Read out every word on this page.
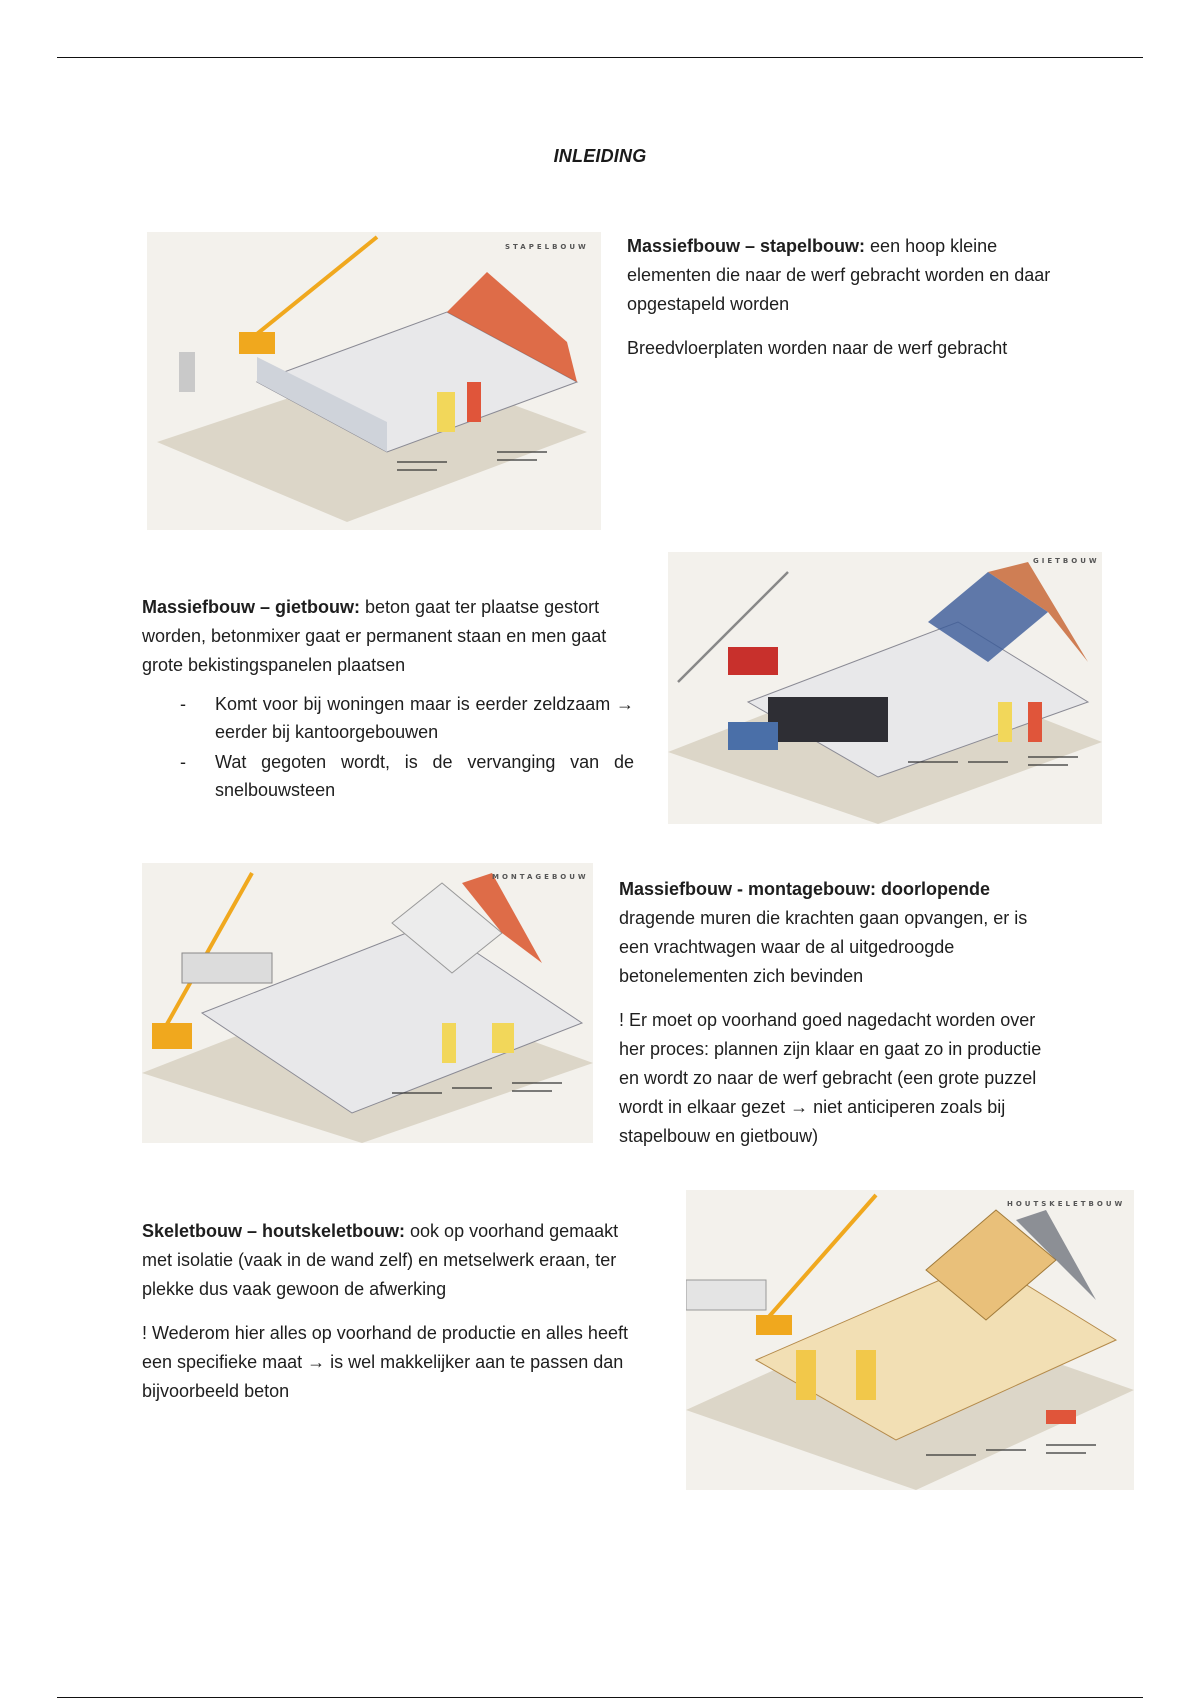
INLEIDING
STAPELBOUW Massiefbouw – stapelbouw: een hoop kleine elementen die naar de werf gebracht worden en daar opgestapeld worden

Breedvloerplaten worden naar de werf gebracht

Massiefbouw – gietbouw: beton gaat ter plaatse gestort worden, betonmixer gaat er permanent staan en men gaat grote bekistingspanelen plaatsen

- Komt voor bij woningen maar is eerder zeldzaam → eerder bij kantoorgebouwen
- Wat gegoten wordt, is de vervanging van de snelbouwsteen
GIETBOUW
MONTAGEBOUW

Massiefbouw - montagebouw: doorlopende dragende muren die krachten gaan opvangen, er is een vrachtwagen waar de al uitgedroogde betonelementen zich bevinden

! Er moet op voorhand goed nagedacht worden over her proces: plannen zijn klaar en gaat zo in productie en wordt zo naar de werf gebracht (een grote puzzel wordt in elkaar gezet → niet anticiperen zoals bij stapelbouw en gietbouw)

Skeletbouw – houtskeletbouw: ook op voorhand gemaakt met isolatie (vaak in de wand zelf) en metselwerk eraan, ter plekke dus vaak gewoon de afwerking

! Wederom hier alles op voorhand de productie en alles heeft een specifieke maat → is wel makkelijker aan te passen dan bijvoorbeeld beton

HOUTSKELETBOUW
